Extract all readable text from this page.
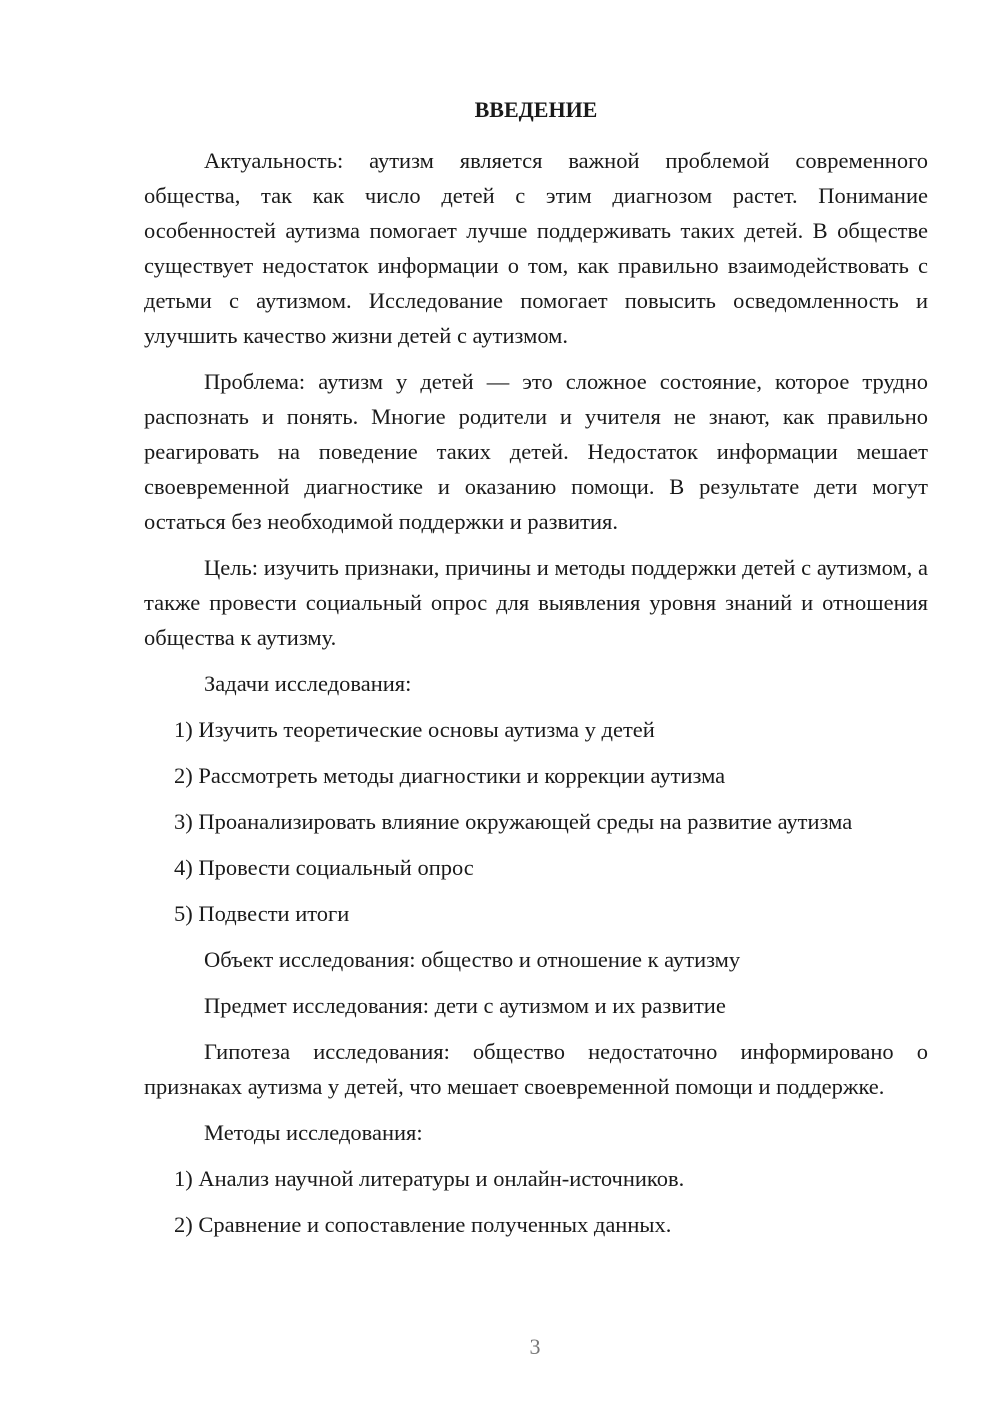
ВВЕДЕНИЕ

Актуальность: аутизм является важной проблемой современного общества, так как число детей с этим диагнозом растет. Понимание особенностей аутизма помогает лучше поддерживать таких детей. В обществе существует недостаток информации о том, как правильно взаимодействовать с детьми с аутизмом. Исследование помогает повысить осведомленность и улучшить качество жизни детей с аутизмом.

Проблема: аутизм у детей — это сложное состояние, которое трудно распознать и понять. Многие родители и учителя не знают, как правильно реагировать на поведение таких детей. Недостаток информации мешает своевременной диагностике и оказанию помощи. В результате дети могут остаться без необходимой поддержки и развития.

Цель: изучить признаки, причины и методы поддержки детей с аутизмом, а также провести социальный опрос для выявления уровня знаний и отношения общества к аутизму.

Задачи исследования:

1) Изучить теоретические основы аутизма у детей

2) Рассмотреть методы диагностики и коррекции аутизма

3) Проанализировать влияние окружающей среды на развитие аутизма

4) Провести социальный опрос

5) Подвести итоги

Объект исследования: общество и отношение к аутизму

Предмет исследования: дети с аутизмом и их развитие

Гипотеза исследования: общество недостаточно информировано о признаках аутизма у детей, что мешает своевременной помощи и поддержке.

Методы исследования:

1) Анализ научной литературы и онлайн-источников.

2) Сравнение и сопоставление полученных данных.

3
